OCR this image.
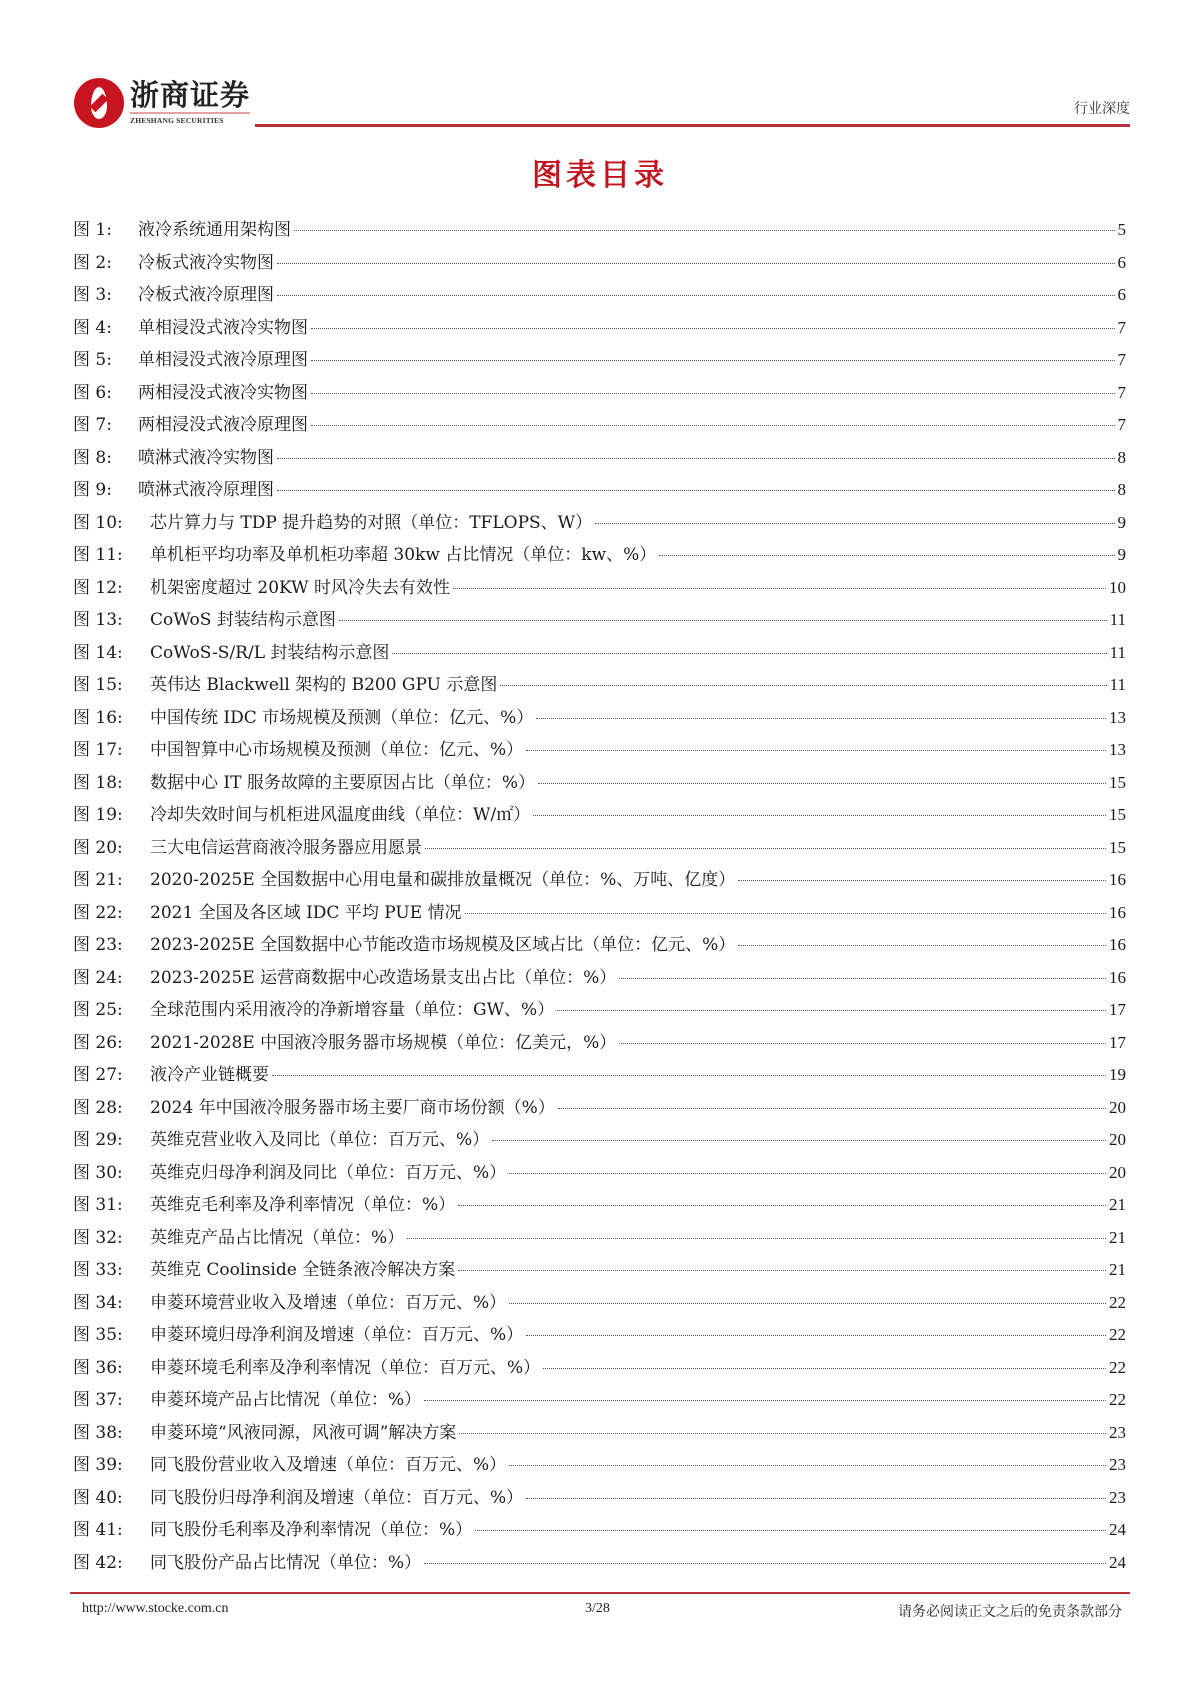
浙商证券
ZHESHANG SECURITIES
行业深度
图表目录
图 1:	液冷系统通用架构图	5
图 2:	冷板式液冷实物图	6
图 3:	冷板式液冷原理图	6
图 4:	单相浸没式液冷实物图	7
图 5:	单相浸没式液冷原理图	7
图 6:	两相浸没式液冷实物图	7
图 7:	两相浸没式液冷原理图	7
图 8:	喷淋式液冷实物图	8
图 9:	喷淋式液冷原理图	8
图 10:	芯片算力与 TDP 提升趋势的对照（单位：TFLOPS、W）	9
图 11:	单机柜平均功率及单机柜功率超 30kw 占比情况（单位：kw、%）	9
图 12:	机架密度超过 20KW 时风冷失去有效性	10
图 13:	CoWoS 封装结构示意图	11
图 14:	CoWoS-S/R/L 封装结构示意图	11
图 15:	英伟达 Blackwell 架构的 B200 GPU 示意图	11
图 16:	中国传统 IDC 市场规模及预测（单位：亿元、%）	13
图 17:	中国智算中心市场规模及预测（单位：亿元、%）	13
图 18:	数据中心 IT 服务故障的主要原因占比（单位：%）	15
图 19:	冷却失效时间与机柜进风温度曲线（单位：W/㎡）	15
图 20:	三大电信运营商液冷服务器应用愿景	15
图 21:	2020-2025E 全国数据中心用电量和碳排放量概况（单位：%、万吨、亿度）	16
图 22:	2021 全国及各区域 IDC 平均 PUE 情况	16
图 23:	2023-2025E 全国数据中心节能改造市场规模及区域占比（单位：亿元、%）	16
图 24:	2023-2025E 运营商数据中心改造场景支出占比（单位：%）	16
图 25:	全球范围内采用液冷的净新增容量（单位：GW、%）	17
图 26:	2021-2028E 中国液冷服务器市场规模（单位：亿美元，%）	17
图 27:	液冷产业链概要	19
图 28:	2024 年中国液冷服务器市场主要厂商市场份额（%）	20
图 29:	英维克营业收入及同比（单位：百万元、%）	20
图 30:	英维克归母净利润及同比（单位：百万元、%）	20
图 31:	英维克毛利率及净利率情况（单位：%）	21
图 32:	英维克产品占比情况（单位：%）	21
图 33:	英维克 Coolinside 全链条液冷解决方案	21
图 34:	申菱环境营业收入及增速（单位：百万元、%）	22
图 35:	申菱环境归母净利润及增速（单位：百万元、%）	22
图 36:	申菱环境毛利率及净利率情况（单位：百万元、%）	22
图 37:	申菱环境产品占比情况（单位：%）	22
图 38:	申菱环境“风液同源，风液可调”解决方案	23
图 39:	同飞股份营业收入及增速（单位：百万元、%）	23
图 40:	同飞股份归母净利润及增速（单位：百万元、%）	23
图 41:	同飞股份毛利率及净利率情况（单位：%）	24
图 42:	同飞股份产品占比情况（单位：%）	24
http://www.stocke.com.cn	3/28	请务必阅读正文之后的免责条款部分
